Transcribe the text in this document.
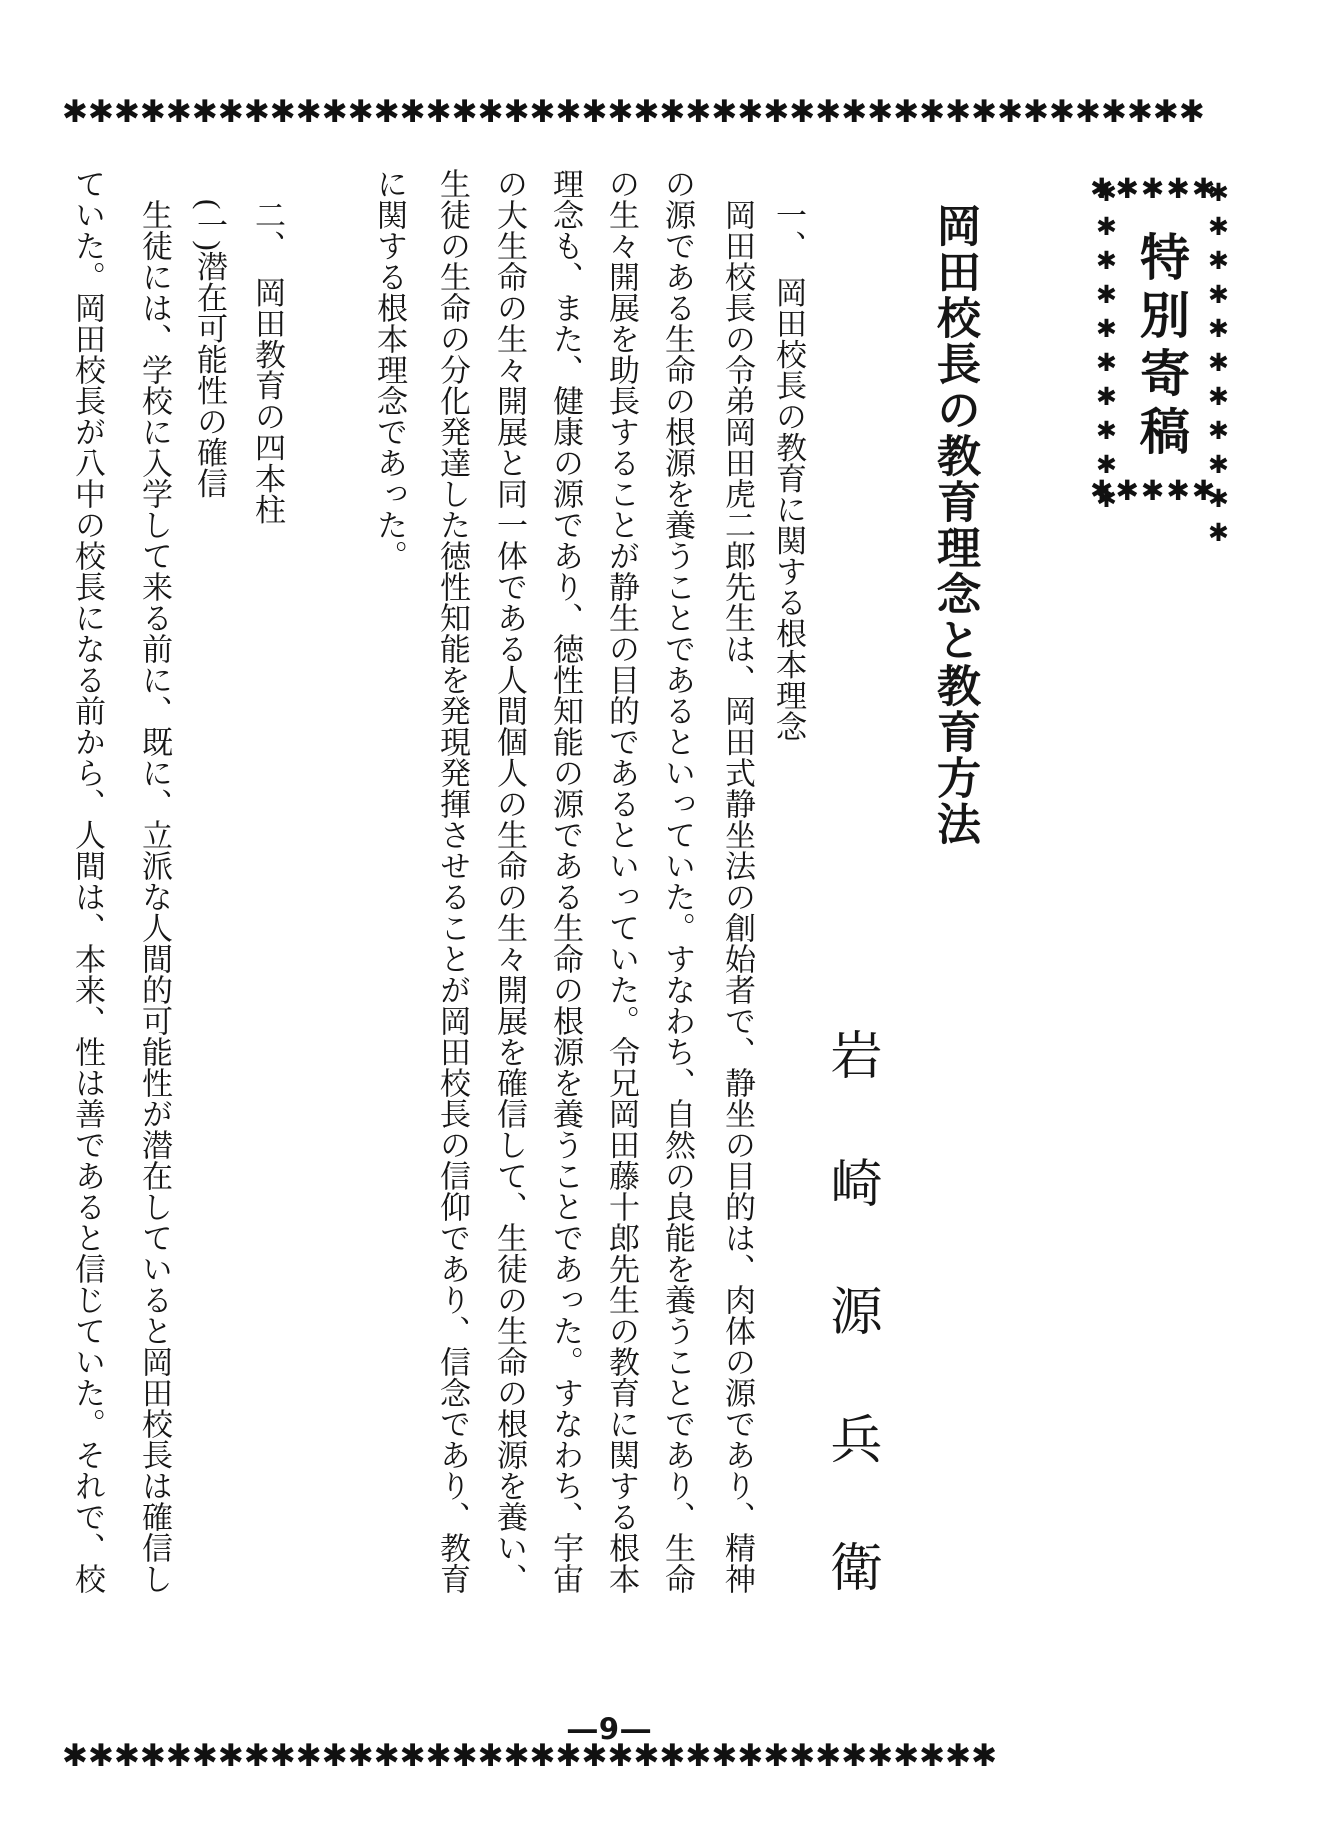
✱✱✱✱✱✱✱✱✱✱✱✱✱✱✱✱✱✱✱✱✱✱✱✱✱✱✱✱✱✱✱✱✱✱✱✱✱✱✱✱✱✱✱✱
✱✱✱✱✱
✱✱✱✱✱✱✱✱✱✱	✱✱✱✱✱✱✱✱✱✱✱
✱✱✱✱✱
特別寄稿
岡田校長の教育理念と教育方法
岩崎源兵衛
　一、　岡田校長の教育に関する根本理念
　岡田校長の令弟岡田虎二郎先生は、岡田式静坐法の創始者で、静坐の目的は、肉体の源であり、精神
の源である生命の根源を養うことであるといっていた。すなわち、自然の良能を養うことであり、生命
の生々開展を助長することが静生の目的であるといっていた。令兄岡田藤十郎先生の教育に関する根本
理念も、また、健康の源であり、徳性知能の源である生命の根源を養うことであった。すなわち、宇宙
の大生命の生々開展と同一体である人間個人の生命の生々開展を確信して、生徒の生命の根源を養い、
生徒の生命の分化発達した徳性知能を発現発揮させることが岡田校長の信仰であり、信念であり、教育
に関する根本理念であった。
　二、　岡田教育の四本柱
　(一)潜在可能性の確信
　生徒には、学校に入学して来る前に、既に、立派な人間的可能性が潜在していると岡田校長は確信し
ていた。岡田校長が八中の校長になる前から、人間は、本来、性は善であると信じていた。それで、校
✱✱✱✱✱✱✱✱✱✱✱✱✱✱✱✱✱✱✱✱✱✱✱✱✱✱✱✱✱✱✱✱✱✱✱✱
―9―
